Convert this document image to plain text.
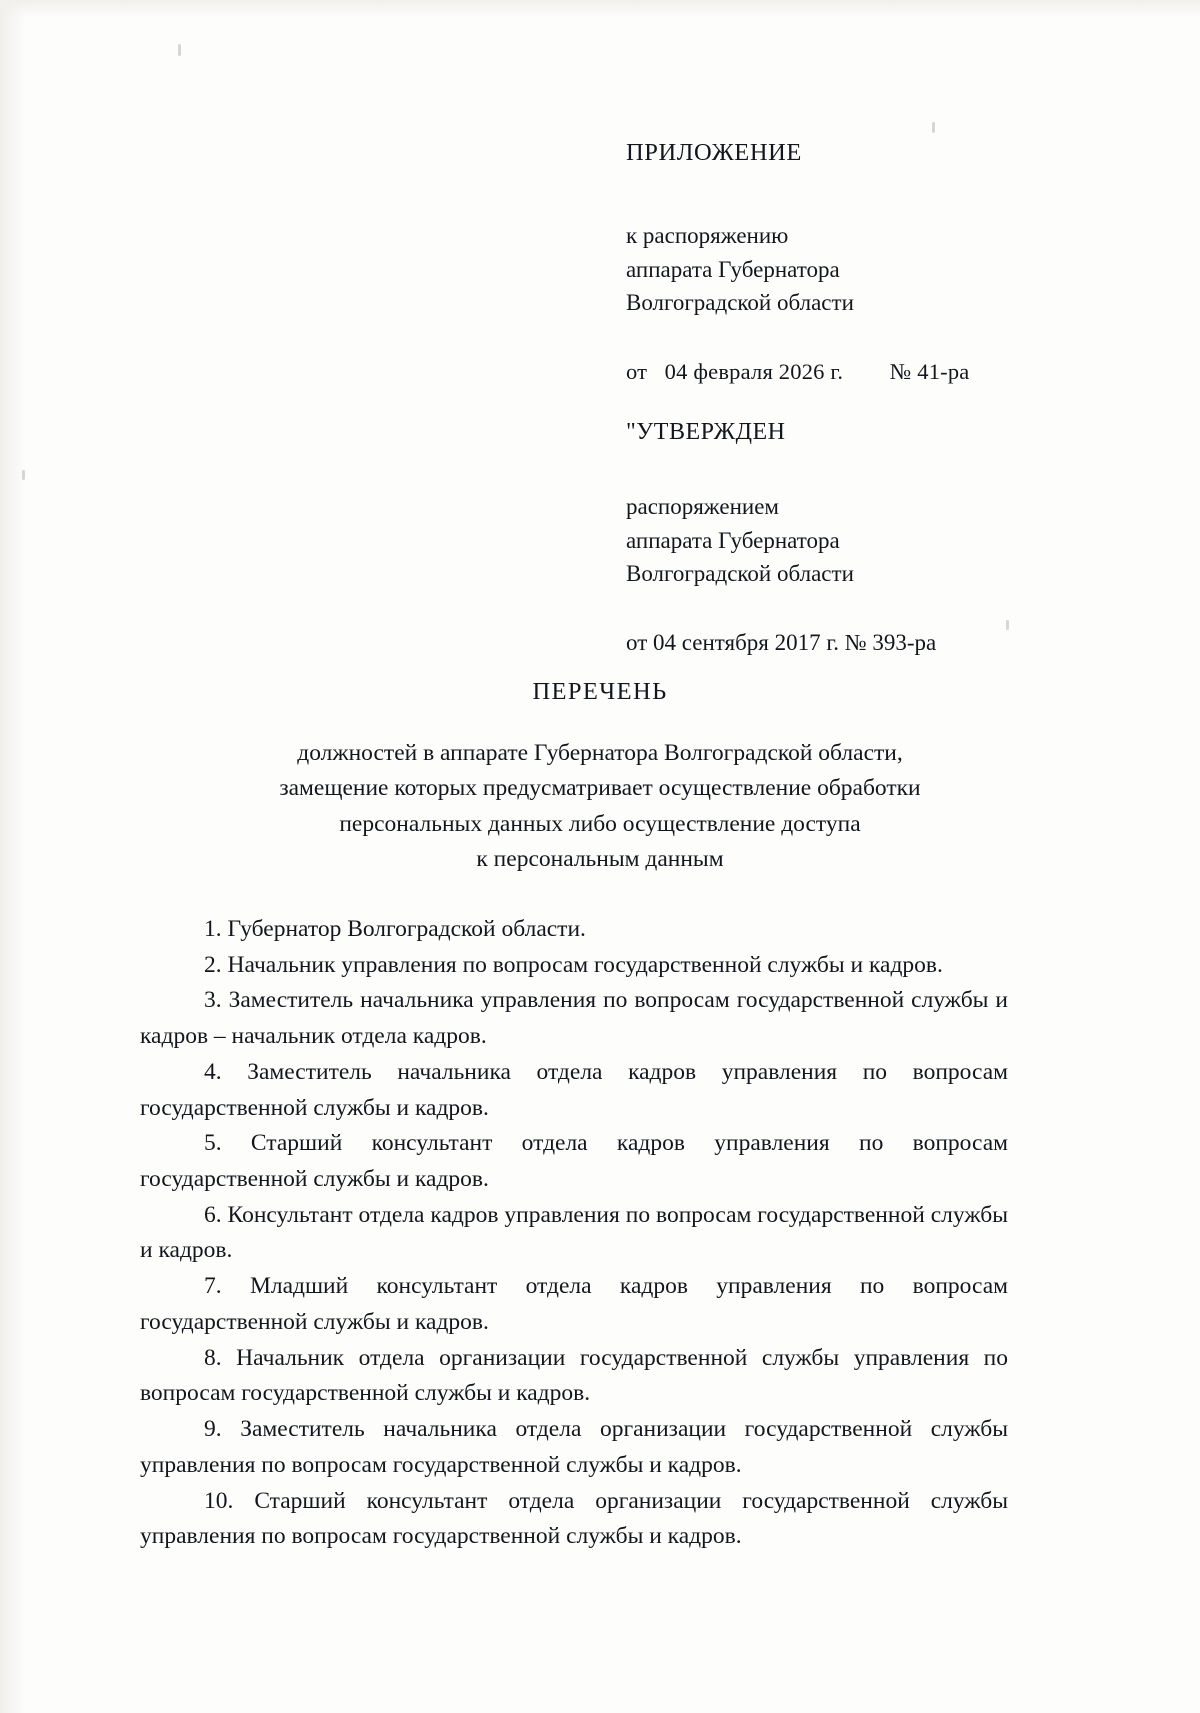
ПРИЛОЖЕНИЕ
к распоряжению
аппарата Губернатора
Волгоградской области
от   04 февраля 2026 г.        № 41-ра
"УТВЕРЖДЕН
распоряжением
аппарата Губернатора
Волгоградской области
от 04 сентября 2017 г. № 393-ра
ПЕРЕЧЕНЬ
должностей в аппарате Губернатора Волгоградской области,
замещение которых предусматривает осуществление обработки
персональных данных либо осуществление доступа
к персональным данным

1. Губернатор Волгоградской области.

2. Начальник управления по вопросам государственной службы и кадров.

3. Заместитель начальника управления по вопросам государственной службы и кадров – начальник отдела кадров.

4. Заместитель начальника отдела кадров управления по вопросам государственной службы и кадров.

5. Старший консультант отдела кадров управления по вопросам государственной службы и кадров.

6. Консультант отдела кадров управления по вопросам государственной службы и кадров.

7. Младший консультант отдела кадров управления по вопросам государственной службы и кадров.

8. Начальник отдела организации государственной службы управления по вопросам государственной службы и кадров.

9. Заместитель начальника отдела организации государственной службы управления по вопросам государственной службы и кадров.

10. Старший консультант отдела организации государственной службы управления по вопросам государственной службы и кадров.
